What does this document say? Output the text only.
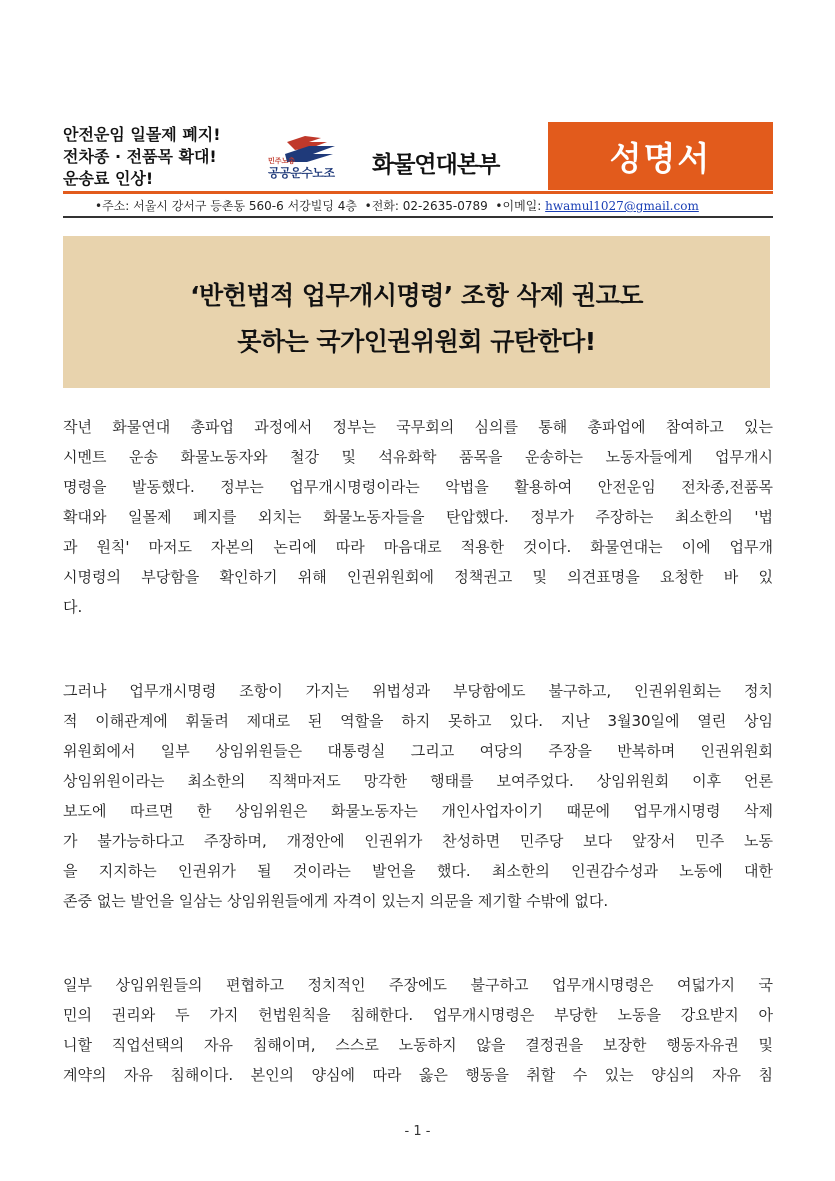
안전운임 일몰제 폐지!
전차종 · 전품목 확대!
운송료 인상!
민주노총
공공운수노조 화물연대본부	성명서
•주소: 서울시 강서구 등촌동 560-6 서강빌딩 4층 •전화: 02-2635-0789 •이메일: hwamul1027@gmail.com
‘반헌법적 업무개시명령’ 조항 삭제 권고도
못하는 국가인권위원회 규탄한다!
작년 화물연대 총파업 과정에서 정부는 국무회의 심의를 통해 총파업에 참여하고 있는
시멘트 운송 화물노동자와 철강 및 석유화학 품목을 운송하는 노동자들에게 업무개시
명령을 발동했다. 정부는 업무개시명령이라는 악법을 활용하여 안전운임 전차종,전품목
확대와 일몰제 폐지를 외치는 화물노동자들을 탄압했다. 정부가 주장하는 최소한의 '법
과 원칙' 마저도 자본의 논리에 따라 마음대로 적용한 것이다. 화물연대는 이에 업무개
시명령의 부당함을 확인하기 위해 인권위원회에 정책권고 및 의견표명을 요청한 바 있
다.
그러나 업무개시명령 조항이 가지는 위법성과 부당함에도 불구하고, 인권위원회는 정치
적 이해관계에 휘둘려 제대로 된 역할을 하지 못하고 있다. 지난 3월30일에 열린 상임
위원회에서 일부 상임위원들은 대통령실 그리고 여당의 주장을 반복하며 인권위원회
상임위원이라는 최소한의 직책마저도 망각한 행태를 보여주었다. 상임위원회 이후 언론
보도에 따르면 한 상임위원은 화물노동자는 개인사업자이기 때문에 업무개시명령 삭제
가 불가능하다고 주장하며, 개정안에 인권위가 찬성하면 민주당 보다 앞장서 민주 노동
을 지지하는 인권위가 될 것이라는 발언을 했다. 최소한의 인권감수성과 노동에 대한
존중 없는 발언을 일삼는 상임위원들에게 자격이 있는지 의문을 제기할 수밖에 없다.
일부 상임위원들의 편협하고 정치적인 주장에도 불구하고 업무개시명령은 여덟가지 국
민의 권리와 두 가지 헌법원칙을 침해한다. 업무개시명령은 부당한 노동을 강요받지 아
니할 직업선택의 자유 침해이며, 스스로 노동하지 않을 결정권을 보장한 행동자유권 및
계약의 자유 침해이다. 본인의 양심에 따라 옳은 행동을 취할 수 있는 양심의 자유 침
- 1 -
